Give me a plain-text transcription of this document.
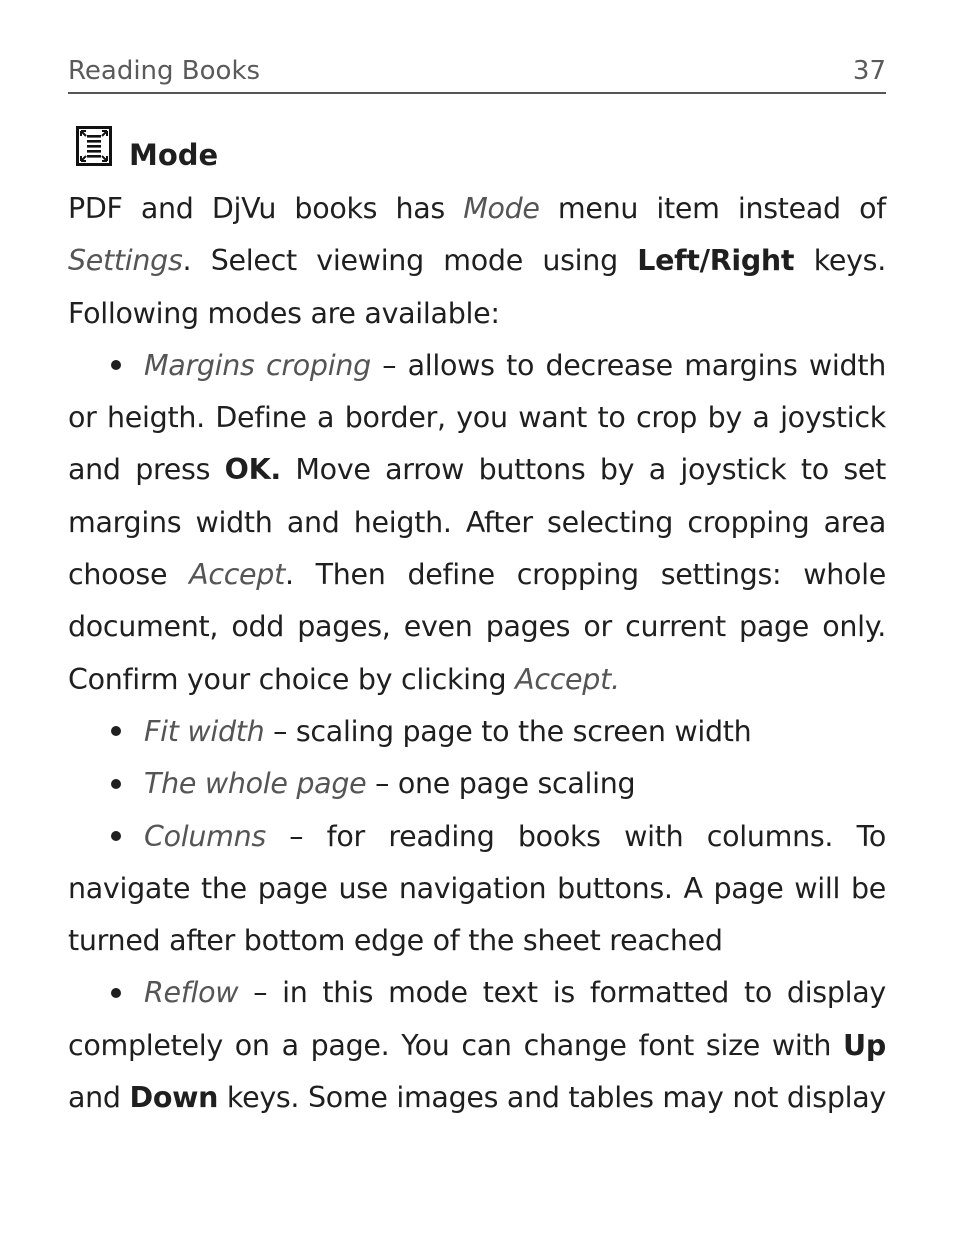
Reading Books	37
Mode

PDF and DjVu books has Mode menu item instead of Settings. Select viewing mode using Left/Right keys. Following modes are available:

Margins croping – allows to decrease margins width or heigth. Define a border, you want to crop by a joystick and press OK. Move arrow buttons by a joystick to set margins width and heigth. After selecting cropping area choose Accept. Then define cropping settings: whole document, odd pages, even pages or current page only. Confirm your choice by clicking Accept.

Fit width – scaling page to the screen width

The whole page – one page scaling

Columns – for reading books with columns. To navigate the page use navigation buttons. A page will be turned after bottom edge of the sheet reached

Reflow – in this mode text is formatted to display completely on a page. You can change font size with Up and Down keys. Some images and tables may not display
